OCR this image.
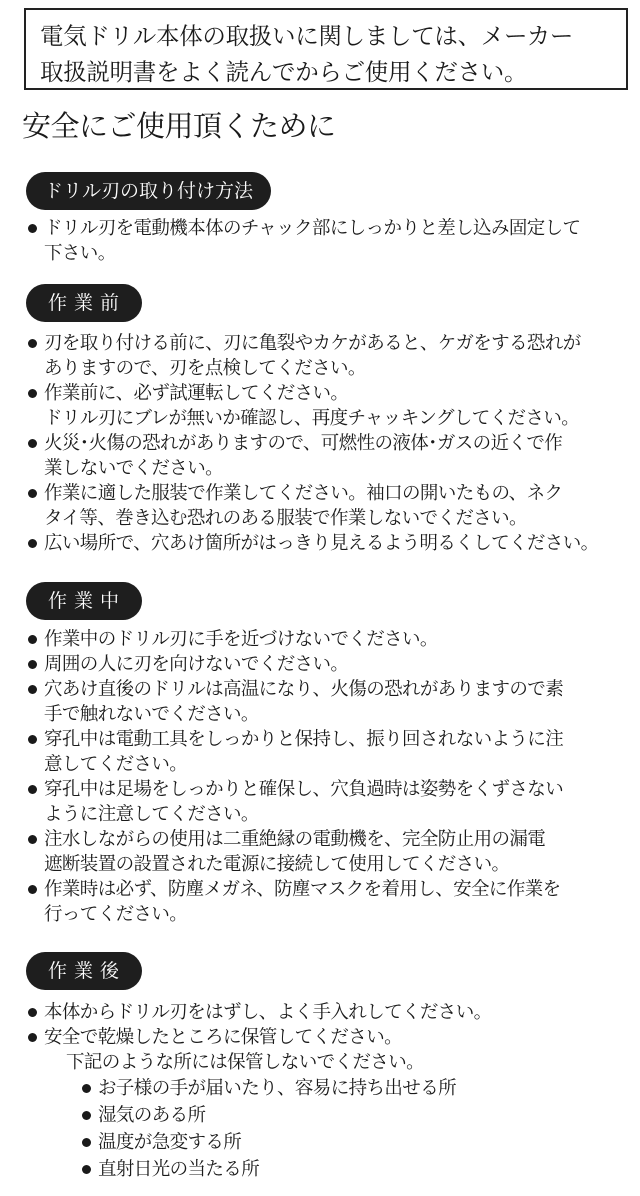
電気ドリル本体の取扱いに関しましては、メーカー
取扱説明書をよく読んでからご使用ください。
安全にご使用頂くために
ドリル刃の取り付け方法
ドリル刃を電動機本体のチャック部にしっかりと差し込み固定して
下さい。
作業前
刃を取り付ける前に、刃に亀裂やカケがあると、ケガをする恐れが
ありますので、刃を点検してください。
作業前に、必ず試運転してください。
ドリル刃にブレが無いか確認し、再度チャッキングしてください。
火災･火傷の恐れがありますので、可燃性の液体･ガスの近くで作
業しないでください。
作業に適した服装で作業してください。袖口の開いたもの、ネク
タイ等、巻き込む恐れのある服装で作業しないでください。
広い場所で、穴あけ箇所がはっきり見えるよう明るくしてください。
作業中
作業中のドリル刃に手を近づけないでください。
周囲の人に刃を向けないでください。
穴あけ直後のドリルは高温になり、火傷の恐れがありますので素
手で触れないでください。
穿孔中は電動工具をしっかりと保持し、振り回されないように注
意してください。
穿孔中は足場をしっかりと確保し、穴負過時は姿勢をくずさない
ように注意してください。
注水しながらの使用は二重絶縁の電動機を、完全防止用の漏電
遮断装置の設置された電源に接続して使用してください。
作業時は必ず、防塵メガネ、防塵マスクを着用し、安全に作業を
行ってください。
作業後
本体からドリル刃をはずし、よく手入れしてください。
安全で乾燥したところに保管してください。
下記のような所には保管しないでください。
お子様の手が届いたり、容易に持ち出せる所
湿気のある所
温度が急変する所
直射日光の当たる所
